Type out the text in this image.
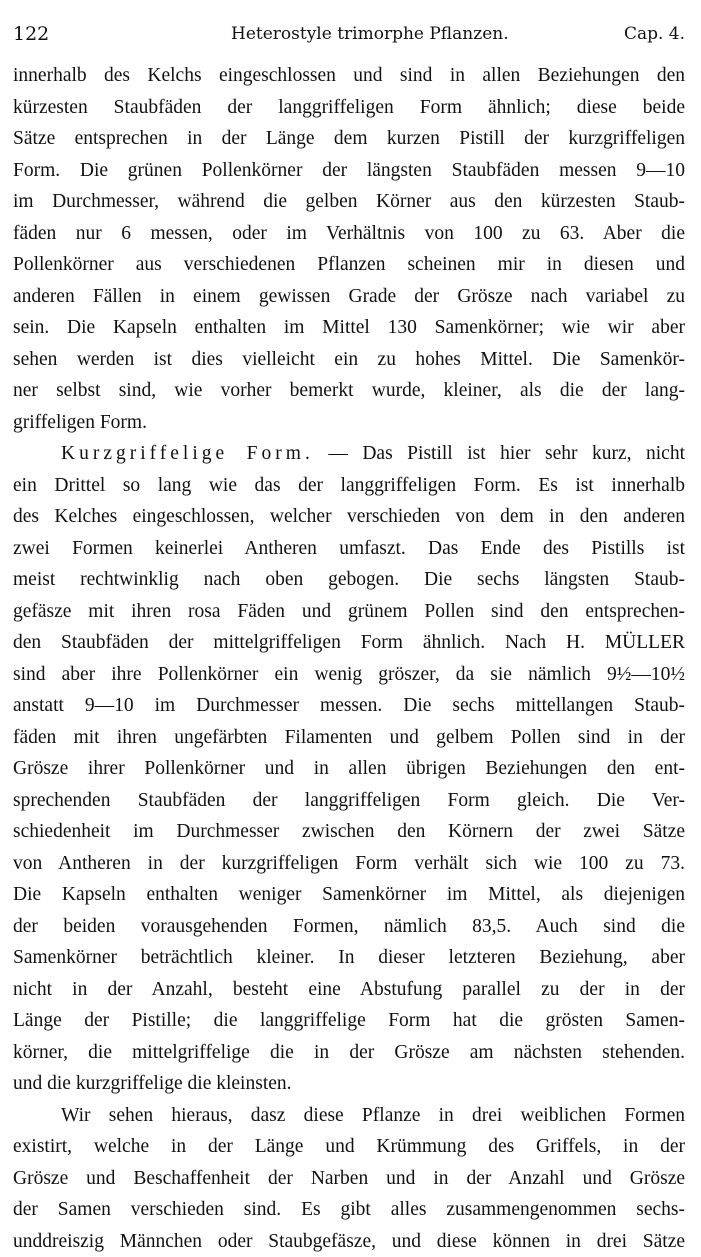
122	Heterostyle trimorphe Pflanzen.	Cap. 4.
innerhalb des Kelchs eingeschlossen und sind in allen Beziehungen den
kürzesten Staubfäden der langgriffeligen Form ähnlich; diese beide
Sätze entsprechen in der Länge dem kurzen Pistill der kurzgriffeligen
Form. Die grünen Pollenkörner der längsten Staubfäden messen 9—10
im Durchmesser, während die gelben Körner aus den kürzesten Staub-
fäden nur 6 messen, oder im Verhältnis von 100 zu 63. Aber die
Pollenkörner aus verschiedenen Pflanzen scheinen mir in diesen und
anderen Fällen in einem gewissen Grade der Grösze nach variabel zu
sein. Die Kapseln enthalten im Mittel 130 Samenkörner; wie wir aber
sehen werden ist dies vielleicht ein zu hohes Mittel. Die Samenkör-
ner selbst sind, wie vorher bemerkt wurde, kleiner, als die der lang-
griffeligen Form.
Kurzgriffelige Form. — Das Pistill ist hier sehr kurz, nicht
ein Drittel so lang wie das der langgriffeligen Form. Es ist innerhalb
des Kelches eingeschlossen, welcher verschieden von dem in den anderen
zwei Formen keinerlei Antheren umfaszt. Das Ende des Pistills ist
meist rechtwinklig nach oben gebogen. Die sechs längsten Staub-
gefäsze mit ihren rosa Fäden und grünem Pollen sind den entsprechen-
den Staubfäden der mittelgriffeligen Form ähnlich. Nach H. MÜLLER
sind aber ihre Pollenkörner ein wenig gröszer, da sie nämlich 9½—10½
anstatt 9—10 im Durchmesser messen. Die sechs mittellangen Staub-
fäden mit ihren ungefärbten Filamenten und gelbem Pollen sind in der
Grösze ihrer Pollenkörner und in allen übrigen Beziehungen den ent-
sprechenden Staubfäden der langgriffeligen Form gleich. Die Ver-
schiedenheit im Durchmesser zwischen den Körnern der zwei Sätze
von Antheren in der kurzgriffeligen Form verhält sich wie 100 zu 73.
Die Kapseln enthalten weniger Samenkörner im Mittel, als diejenigen
der beiden vorausgehenden Formen, nämlich 83,5. Auch sind die
Samenkörner beträchtlich kleiner. In dieser letzteren Beziehung, aber
nicht in der Anzahl, besteht eine Abstufung parallel zu der in der
Länge der Pistille; die langgriffelige Form hat die grösten Samen-
körner, die mittelgriffelige die in der Grösze am nächsten stehenden.
und die kurzgriffelige die kleinsten.
Wir sehen hieraus, dasz diese Pflanze in drei weiblichen Formen
existirt, welche in der Länge und Krümmung des Griffels, in der
Grösze und Beschaffenheit der Narben und in der Anzahl und Grösze
der Samen verschieden sind. Es gibt alles zusammengenommen sechs-
unddreiszig Männchen oder Staubgefäsze, und diese können in drei Sätze
